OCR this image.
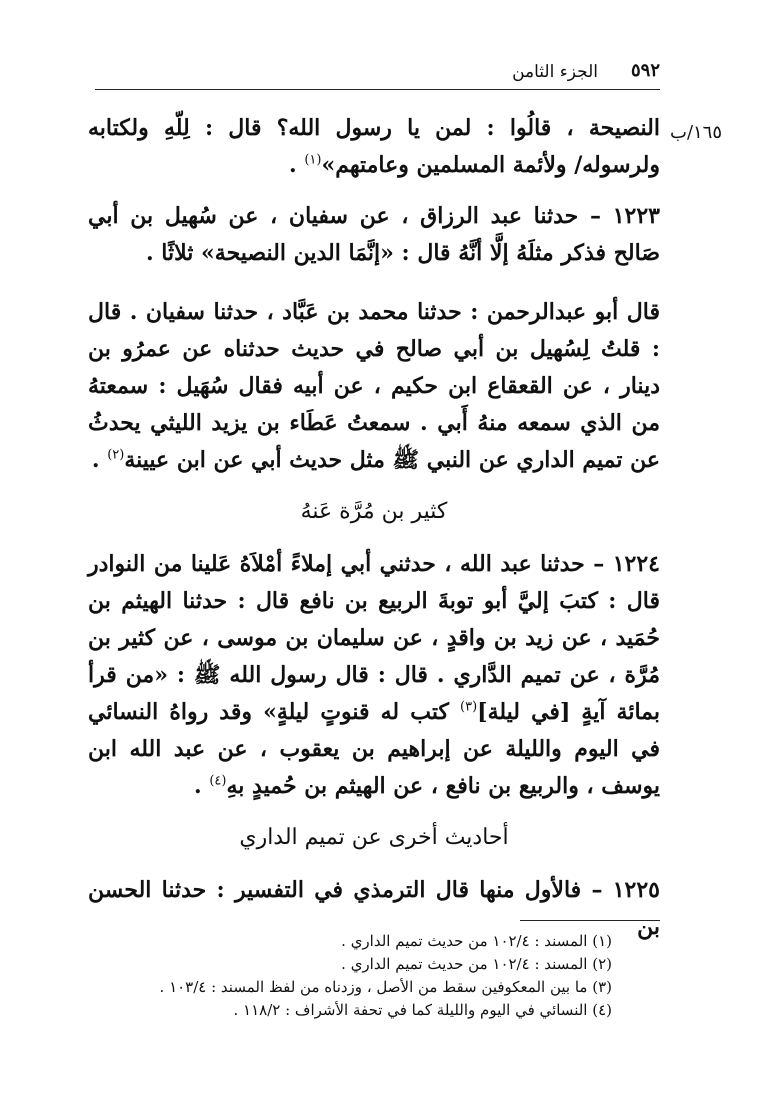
٥٩٢
الجزء الثامن
١٦٥/ب

النصيحة ، قالُوا : لمن يا رسول الله؟ قال : لِلّهِ ولكتابه ولرسوله/ ولأئمة المسلمين وعامتهم»$^{(١)}$ .

١٢٢٣ – حدثنا عبد الرزاق ، عن سفيان ، عن سُهيل بن أبي صَالح فذكر مثلَهُ إلَّا أنَّهُ قال : «إنَّمَا الدين النصيحة» ثلاثًا .

قال أبو عبدالرحمن : حدثنا محمد بن عَبَّاد ، حدثنا سفيان . قال : قلتُ لِسُهيل بن أبي صالح في حديث حدثناه عن عمرُو بن دينار ، عن القعقاع ابن حكيم ، عن أبيه فقال سُهَيل : سمعتهُ من الذي سمعه منهُ أَبي . سمعتُ عَطَاء بن يزيد الليثي يحدثُ عن تميم الداري عن النبي ﷺ مثل حديث أبي عن ابن عيينة$^{(٢)}$ .

كثير بن مُرَّة عَنهُ

١٢٢٤ – حدثنا عبد الله ، حدثني أبي إملاءً أمْلاَهُ عَلينا من النوادر قال : كتبَ إليَّ أبو توبةَ الربيع بن نافع قال : حدثنا الهيثم بن حُمَيد ، عن زيد بن واقدٍ ، عن سليمان بن موسى ، عن كثير بن مُرَّة ، عن تميم الدَّاري . قال : قال رسول الله ﷺ : «من قرأ بمائة آيةٍ [في ليلة]$^{(٣)}$ كتب له قنوتٍ ليلةٍ» وقد رواهُ النسائي في اليوم والليلة عن إبراهيم بن يعقوب ، عن عبد الله ابن يوسف ، والربيع بن نافع ، عن الهيثم بن حُميدٍ بهِ$^{(٤)}$ .

أحاديث أخرى عن تميم الداري

١٢٢٥ – فالأول منها قال الترمذي في التفسير : حدثنا الحسن بن

(١) المسند : ١٠٢/٤ من حديث تميم الداري .
(٢) المسند : ١٠٢/٤ من حديث تميم الداري .
(٣) ما بين المعكوفين سقط من الأصل ، وزدناه من لفظ المسند : ١٠٣/٤ .
(٤) النسائي في اليوم والليلة كما في تحفة الأشراف : ١١٨/٢ .
